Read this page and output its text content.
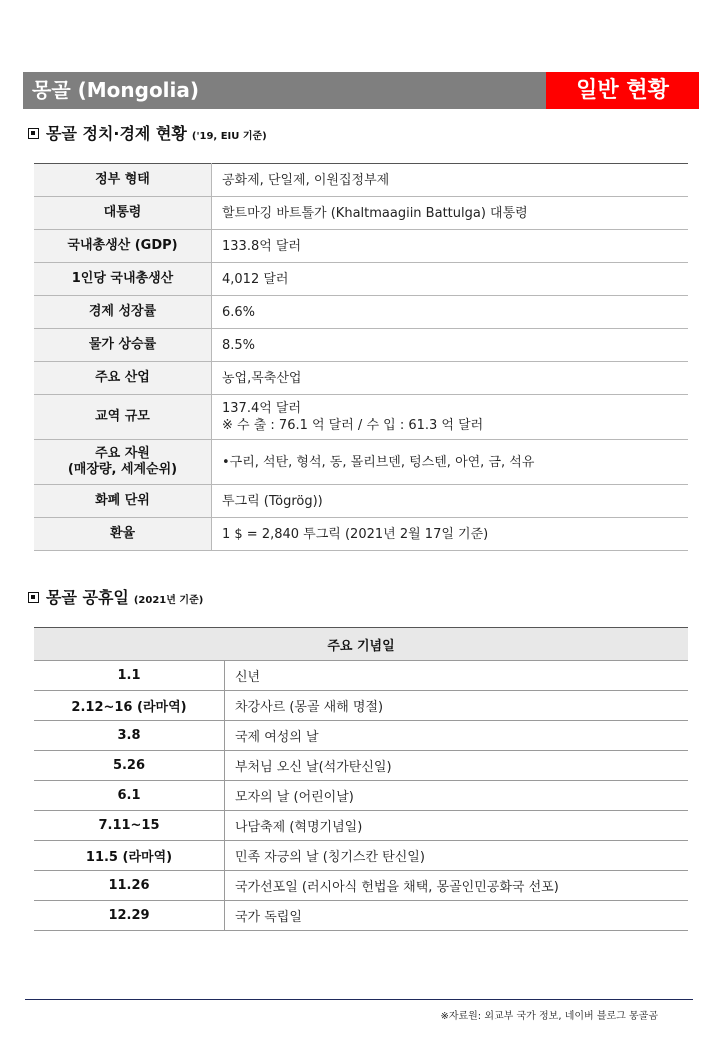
몽골 (Mongolia)	일반 현황
몽골 정치·경제 현황 ('19, EIU 기준)
정부 형태	공화제, 단일제, 이원집정부제
대통령	할트마깅 바트톨가 (Khaltmaagiin Battulga) 대통령
국내총생산 (GDP)	133.8억 달러
1인당 국내총생산	4,012 달러
경제 성장률	6.6%
물가 상승률	8.5%
주요 산업	농업,목축산업
교역 규모	137.4억 달러
※ 수 출 : 76.1 억 달러 / 수 입 : 61.3 억 달러

주요 자원
(매장량, 세계순위)	•구리, 석탄, 형석, 동, 몰리브덴, 텅스텐, 아연, 금, 석유
화폐 단위	투그릭 (Tögrög))
환율	1 $ = 2,840 투그릭 (2021년 2월 17일 기준)
몽골 공휴일 (2021년 기준)
주요 기념일	
1.1	신년
2.12~16 (라마역)	차강사르 (몽골 새해 명절)
3.8	국제 여성의 날
5.26	부처님 오신 날(석가탄신일)
6.1	모자의 날 (어린이날)
7.11~15	나담축제 (혁명기념일)
11.5 (라마역)	민족 자긍의 날 (칭기스칸 탄신일)
11.26	국가선포일 (러시아식 헌법을 채택, 몽골인민공화국 선포)
12.29	국가 독립일
※자료원: 외교부 국가 정보, 네이버 블로그 몽골곰
